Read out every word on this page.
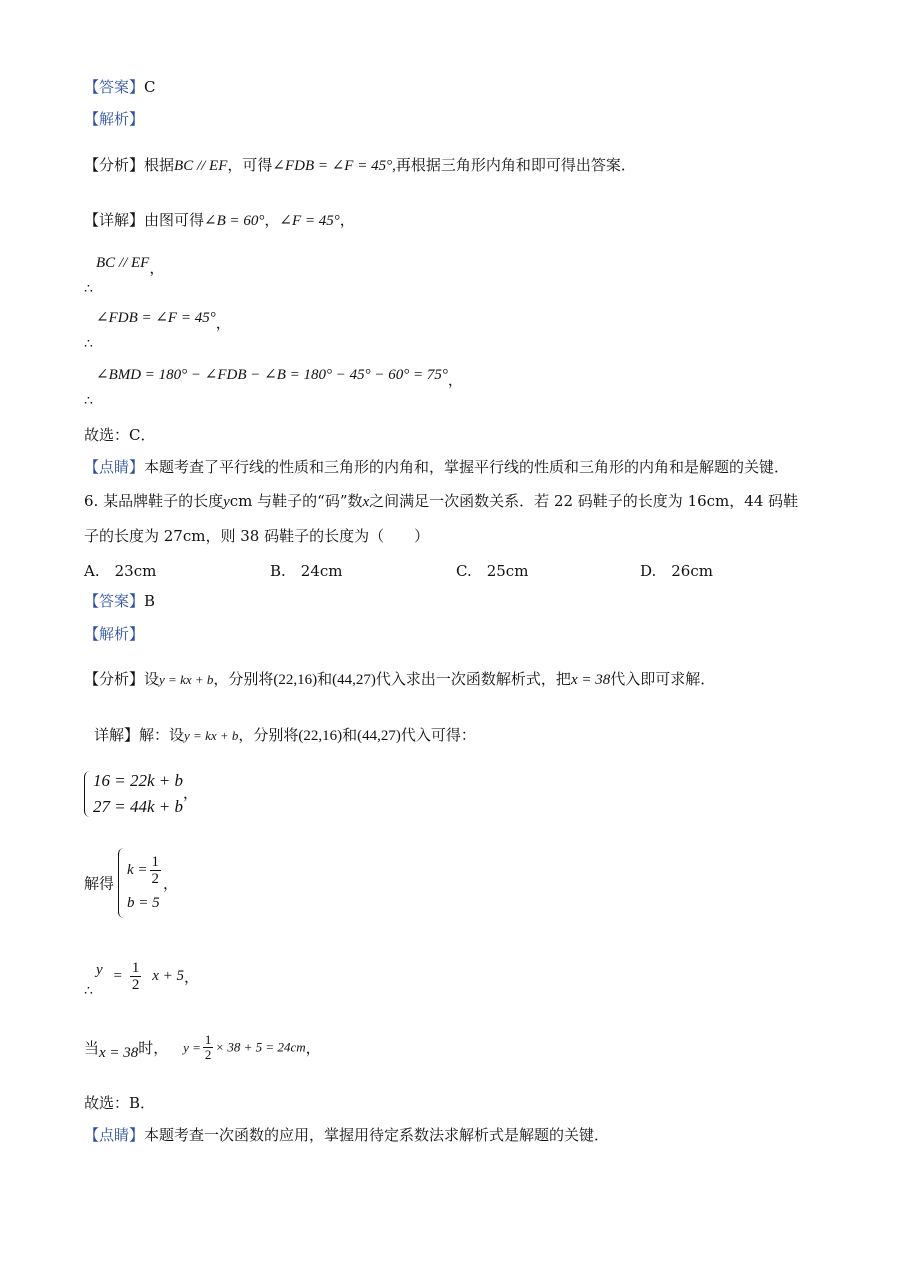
【答案】C
【解析】
【分析】根据BC // EF，可得∠FDB = ∠F = 45°,再根据三角形内角和即可得出答案．
【详解】由图可得∠B = 60°，∠F = 45°，
BC // EF，
∠FDB = ∠F = 45°，
∠BMD = 180° − ∠FDB − ∠B = 180° − 45° − 60° = 75°，
故选：C．
【点睛】本题考查了平行线的性质和三角形的内角和，掌握平行线的性质和三角形的内角和是解题的关键．
6. 某品牌鞋子的长度ycm 与鞋子的“码”数x之间满足一次函数关系．若 22 码鞋子的长度为 16cm，44 码鞋
子的长度为 27cm，则 38 码鞋子的长度为（　　）
A.　23cm	B.　24cm	C.　25cm	D.　26cm
【答案】B
【解析】
【分析】设y = kx + b，分别将(22,16)和(44,27)代入求出一次函数解析式，把x = 38代入即可求解．
详解】解：设y = kx + b，分别将(22,16)和(44,27)代入可得：
16 = 22k + b
27 = 44k + b
，
解得
$k = \frac{1}{2}$
b = 5
，
$y = \frac{1}{2}$ x + 5，
当x = 38时， $y = \frac{1}{2} \times 38 + 5 = 24cm$，
故选：B．
【点睛】本题考查一次函数的应用，掌握用待定系数法求解析式是解题的关键．
